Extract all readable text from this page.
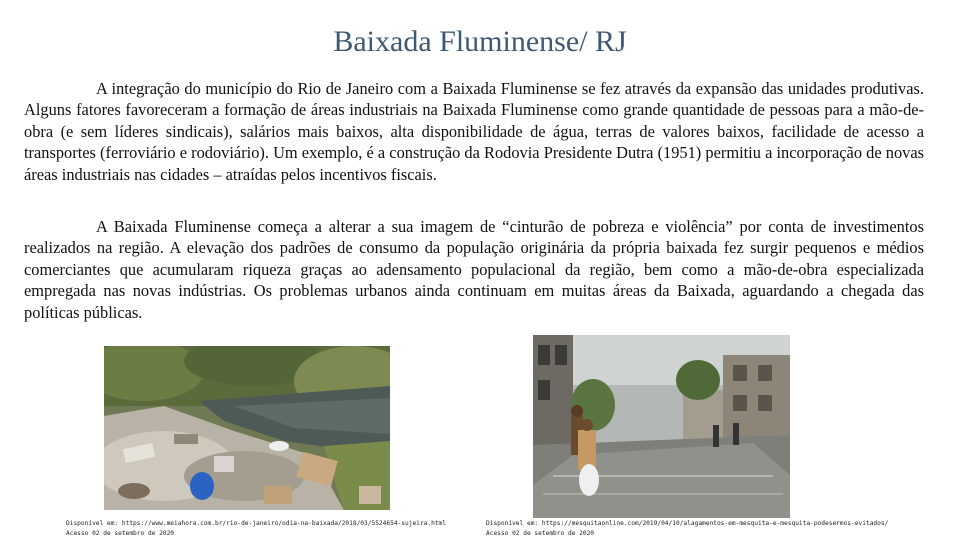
Baixada Fluminense/ RJ

A integração do município do Rio de Janeiro com a Baixada Fluminense se fez através da expansão das unidades produtivas. Alguns fatores favoreceram a formação de áreas industriais na Baixada Fluminense como grande quantidade de pessoas para a mão-de-obra (e sem líderes sindicais), salários mais baixos, alta disponibilidade de água, terras de valores baixos, facilidade de acesso a transportes (ferroviário e rodoviário). Um exemplo, é a construção da Rodovia Presidente Dutra (1951) permitiu a incorporação de novas áreas industriais nas cidades – atraídas pelos incentivos fiscais.

A Baixada Fluminense começa a alterar a sua imagem de “cinturão de pobreza e violência” por conta de investimentos realizados na região. A elevação dos padrões de consumo da população originária da própria baixada fez surgir pequenos e médios comerciantes que acumularam riqueza graças ao adensamento populacional da região, bem como a mão-de-obra especializada empregada nas novas indústrias. Os problemas urbanos ainda continuam em muitas áreas da Baixada, aguardando a chegada das políticas públicas.

Disponível em: https://www.meiahora.com.br/rio-de-janeiro/odia-na-baixada/2018/03/5524654-sujeira.html
Acesso 02 de setembro de 2020
Disponível em: https://mesquitaonline.com/2019/04/10/alagamentos-em-mesquita-e-mesquita-podesermos-evitados/
Acesso 02 de setembro de 2020
